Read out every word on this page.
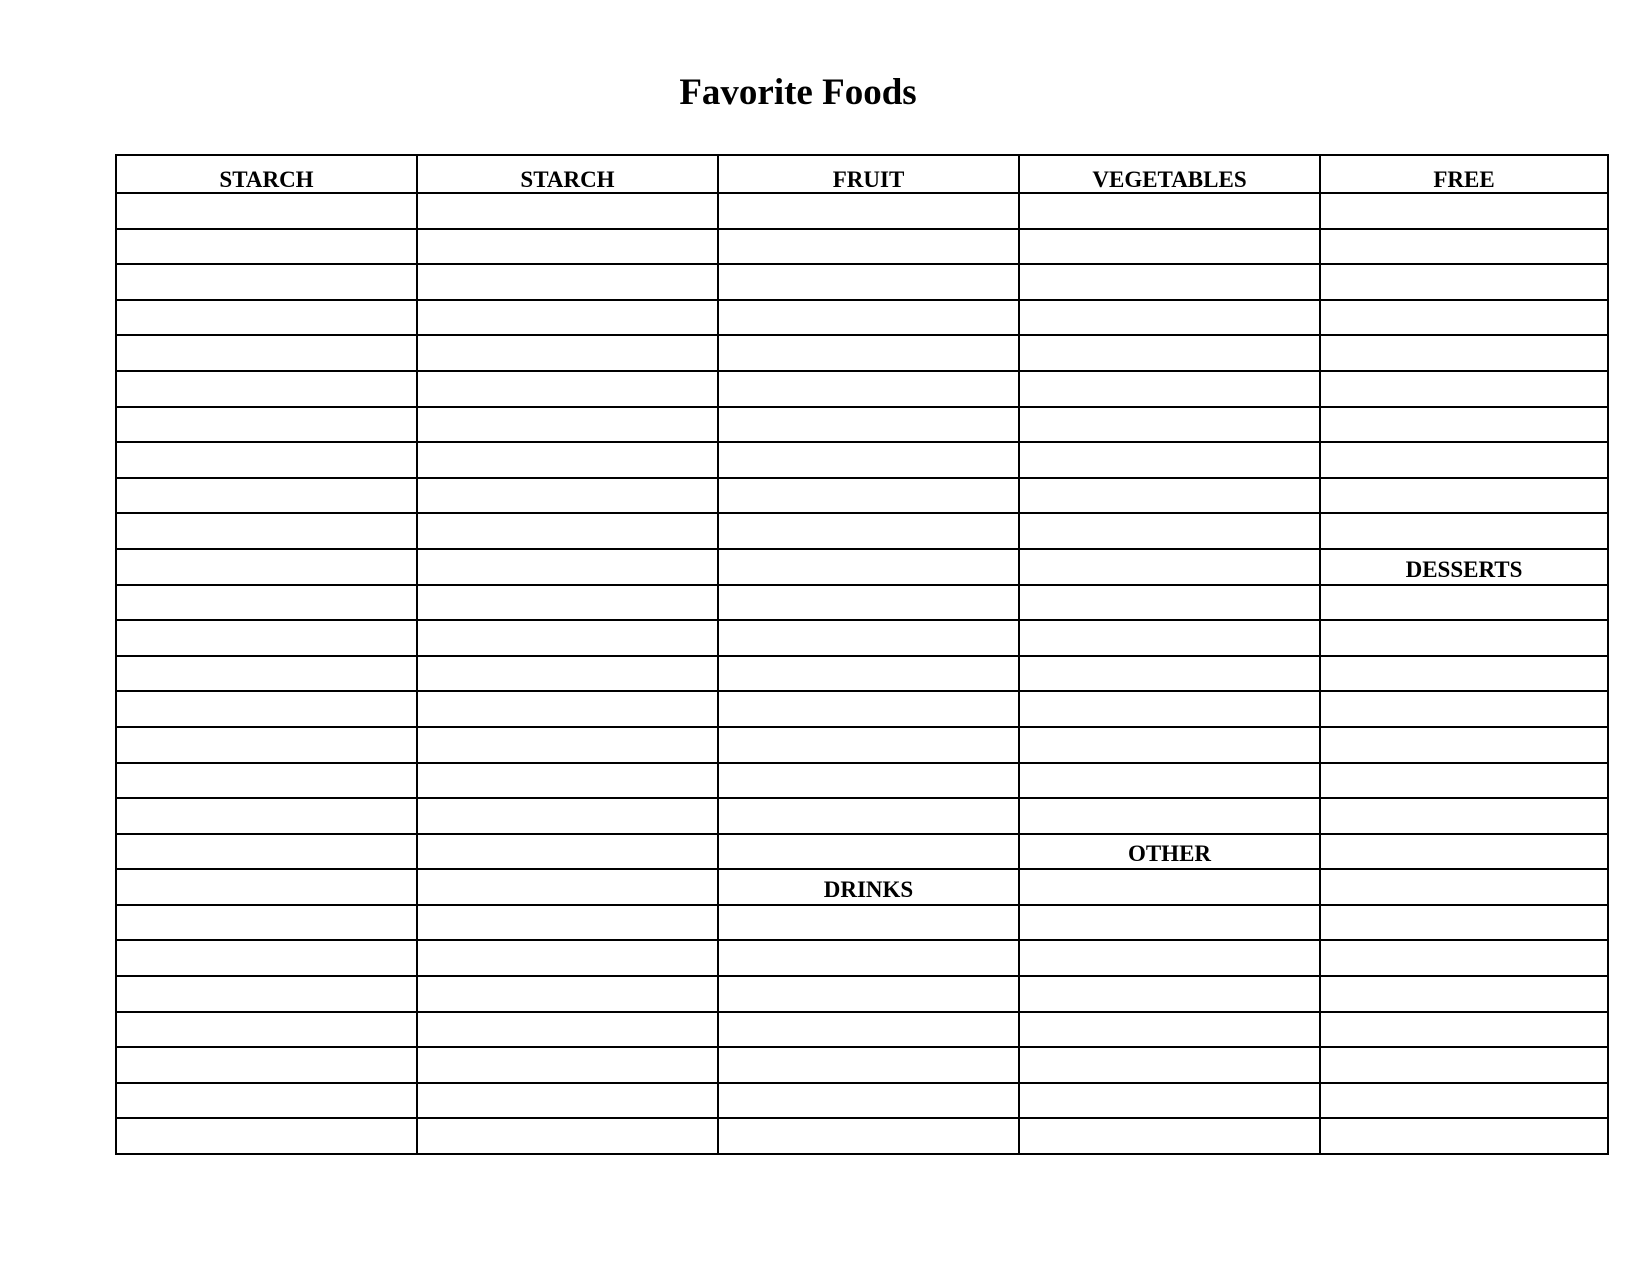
Favorite Foods
STARCH	STARCH	FRUIT	VEGETABLES	FREE

				DESSERTS

			OTHER	

		DRINKS		
